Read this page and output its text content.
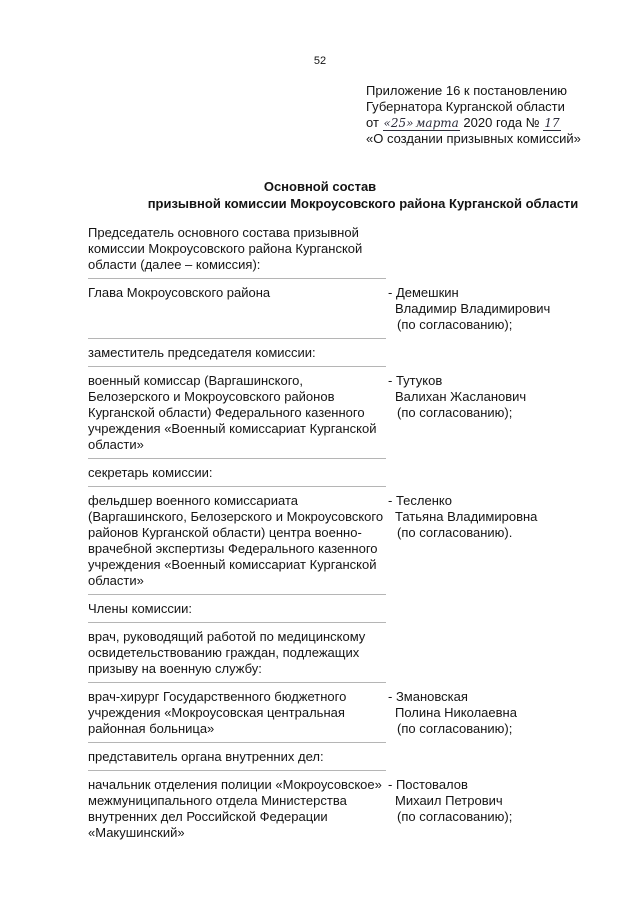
52
Приложение 16 к постановлению
Губернатора Курганской области
от «25» марта 2020 года № 17
«О создании призывных комиссий»
Основной состав
призывной комиссии Мокроусовского района Курганской области
Председатель основного состава призывной комиссии Мокроусовского района Курганской области (далее – комиссия):
Глава Мокроусовского района	- Демешкин
Владимир Владимирович
(по согласованию);
заместитель председателя комиссии:
военный комиссар (Варгашинского, Белозерского и Мокроусовского районов Курганской области) Федерального казенного учреждения «Военный комиссариат Курганской области»
- Тутуков
Валихан Жасланович
(по согласованию);
секретарь комиссии:
фельдшер военного комиссариата (Варгашинского, Белозерского и Мокроусовского районов Курганской области) центра военно-врачебной экспертизы Федерального казенного учреждения «Военный комиссариат Курганской области»
- Тесленко
Татьяна Владимировна
(по согласованию).
Члены комиссии:
врач, руководящий работой по медицинскому освидетельствованию граждан, подлежащих призыву на военную службу:
врач-хирург Государственного бюджетного учреждения «Мокроусовская центральная районная больница»
- Змановская
Полина Николаевна
(по согласованию);
представитель органа внутренних дел:
начальник отделения полиции «Мокроусовское» межмуниципального отдела Министерства внутренних дел Российской Федерации «Макушинский»
- Постовалов
Михаил Петрович
(по согласованию);
